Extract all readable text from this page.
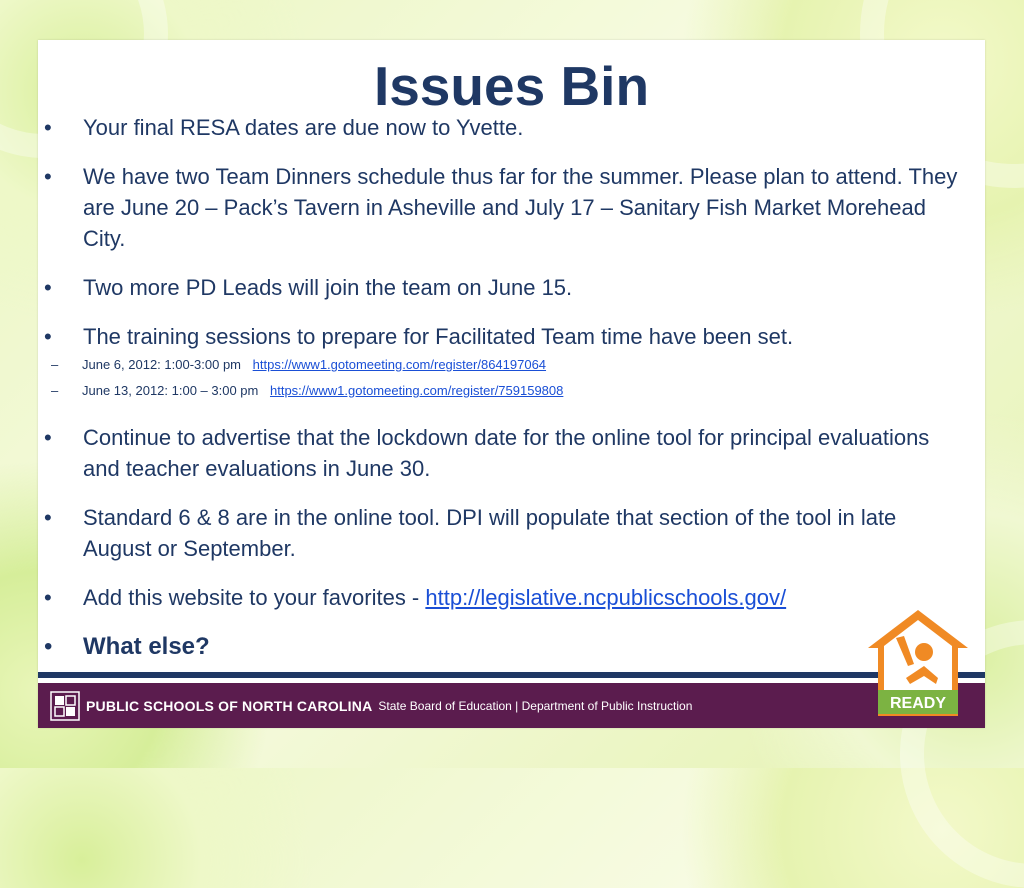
Issues Bin
• Your final RESA dates are due now to Yvette.
• We have two Team Dinners schedule thus far for the summer. Please plan to attend. They are June 20 – Pack’s Tavern in Asheville and July 17 – Sanitary Fish Market Morehead City.
• Two more PD Leads will join the team on June 15.
• The training sessions to prepare for Facilitated Team time have been set.
– June 6, 2012: 1:00-3:00 pm https://www1.gotomeeting.com/register/864197064
– June 13, 2012: 1:00 – 3:00 pm https://www1.gotomeeting.com/register/759159808
• Continue to advertise that the lockdown date for the online tool for principal evaluations and teacher evaluations in June 30.
• Standard 6 & 8 are in the online tool. DPI will populate that section of the tool in late August or September.
• Add this website to your favorites - http://legislative.ncpublicschools.gov/
• What else?
PUBLIC SCHOOLS OF NORTH CAROLINA State Board of Education | Department of Public Instruction	READY
